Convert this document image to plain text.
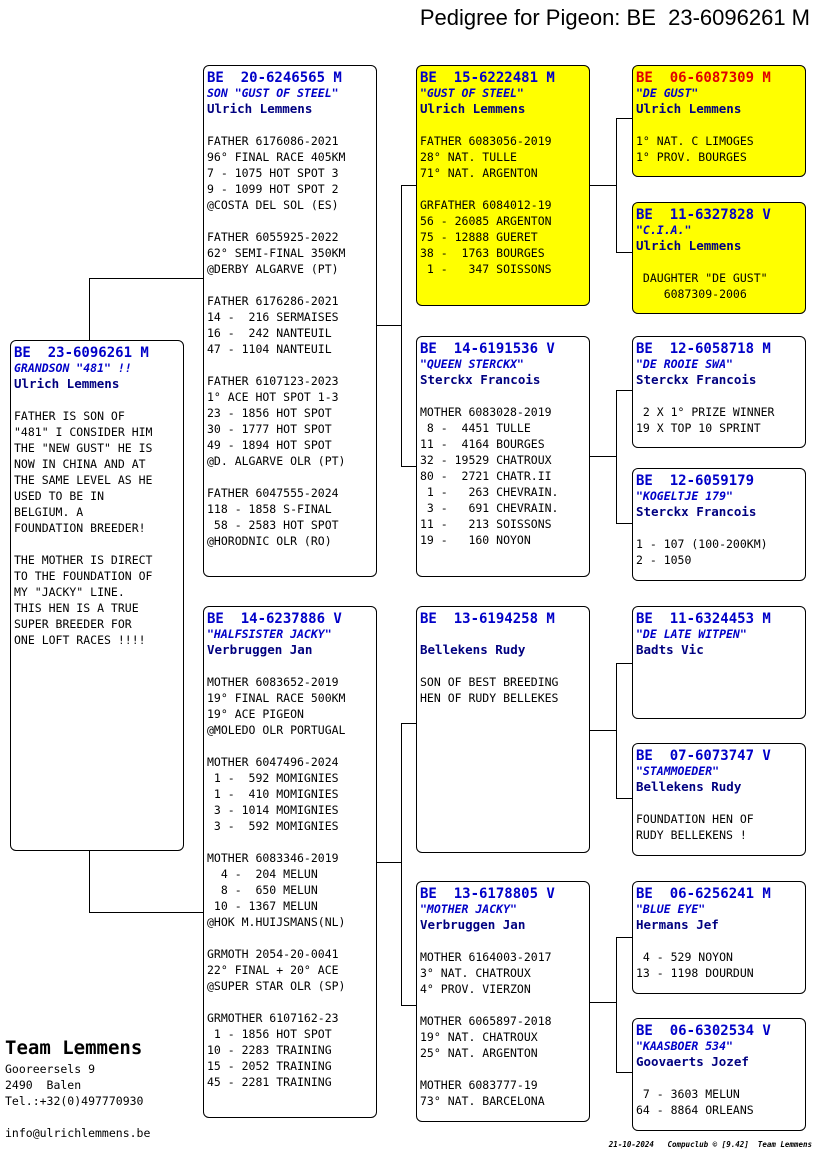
Pedigree for Pigeon: BE  23-6096261 M
BE  23-6096261 M
GRANDSON "481" !!
Ulrich Lemmens
FATHER IS SON OF
"481" I CONSIDER HIM
THE "NEW GUST" HE IS
NOW IN CHINA AND AT
THE SAME LEVEL AS HE
USED TO BE IN
BELGIUM. A
FOUNDATION BREEDER!

THE MOTHER IS DIRECT
TO THE FOUNDATION OF
MY "JACKY" LINE.
THIS HEN IS A TRUE
SUPER BREEDER FOR
ONE LOFT RACES !!!!
BE  20-6246565 M
SON "GUST OF STEEL"
Ulrich Lemmens
FATHER 6176086-2021
96° FINAL RACE 405KM
7 - 1075 HOT SPOT 3
9 - 1099 HOT SPOT 2
@COSTA DEL SOL (ES)

FATHER 6055925-2022
62° SEMI-FINAL 350KM
@DERBY ALGARVE (PT)

FATHER 6176286-2021
14 -  216 SERMAISES
16 -  242 NANTEUIL
47 - 1104 NANTEUIL

FATHER 6107123-2023
1° ACE HOT SPOT 1-3
23 - 1856 HOT SPOT
30 - 1777 HOT SPOT
49 - 1894 HOT SPOT
@D. ALGARVE OLR (PT)

FATHER 6047555-2024
118 - 1858 S-FINAL
58 - 2583 HOT SPOT
@HORODNIC OLR (RO)
BE  14-6237886 V
"HALFSISTER JACKY"
Verbruggen Jan
MOTHER 6083652-2019
19° FINAL RACE 500KM
19° ACE PIGEON
@MOLEDO OLR PORTUGAL

MOTHER 6047496-2024
1 -  592 MOMIGNIES
1 -  410 MOMIGNIES
3 - 1014 MOMIGNIES
3 -  592 MOMIGNIES

MOTHER 6083346-2019
4 -  204 MELUN
8 -  650 MELUN
10 - 1367 MELUN
@HOK M.HUIJSMANS(NL)

GRMOTH 2054-20-0041
22° FINAL + 20° ACE
@SUPER STAR OLR (SP)

GRMOTHER 6107162-23
1 - 1856 HOT SPOT
10 - 2283 TRAINING
15 - 2052 TRAINING
45 - 2281 TRAINING
BE  15-6222481 M
"GUST OF STEEL"
Ulrich Lemmens
FATHER 6083056-2019
28° NAT. TULLE
71° NAT. ARGENTON

GRFATHER 6084012-19
56 - 26085 ARGENTON
75 - 12888 GUERET
38 -  1763 BOURGES
1 -   347 SOISSONS
BE  14-6191536 V
"QUEEN STERCKX"
Sterckx Francois
MOTHER 6083028-2019
8 -  4451 TULLE
11 -  4164 BOURGES
32 - 19529 CHATROUX
80 -  2721 CHATR.II
1 -   263 CHEVRAIN.
3 -   691 CHEVRAIN.
11 -   213 SOISSONS
19 -   160 NOYON
BE  13-6194258 M
Bellekens Rudy
SON OF BEST BREEDING
HEN OF RUDY BELLEKES
BE  13-6178805 V
"MOTHER JACKY"
Verbruggen Jan
MOTHER 6164003-2017
3° NAT. CHATROUX
4° PROV. VIERZON

MOTHER 6065897-2018
19° NAT. CHATROUX
25° NAT. ARGENTON

MOTHER 6083777-19
73° NAT. BARCELONA
BE  06-6087309 M
"DE GUST"
Ulrich Lemmens
1° NAT. C LIMOGES
1° PROV. BOURGES
BE  11-6327828 V
"C.I.A."
Ulrich Lemmens
DAUGHTER "DE GUST"
6087309-2006
BE  12-6058718 M
"DE ROOIE SWA"
Sterckx Francois
2 X 1° PRIZE WINNER
19 X TOP 10 SPRINT
BE  12-6059179
"KOGELTJE 179"
Sterckx Francois
1 - 107 (100-200KM)
2 - 1050
BE  11-6324453 M
"DE LATE WITPEN"
Badts Vic
BE  07-6073747 V
"STAMMOEDER"
Bellekens Rudy
FOUNDATION HEN OF
RUDY BELLEKENS !
BE  06-6256241 M
"BLUE EYE"
Hermans Jef
4 - 529 NOYON
13 - 1198 DOURDUN
BE  06-6302534 V
"KAASBOER 534"
Goovaerts Jozef
7 - 3603 MELUN
64 - 8864 ORLEANS
Team Lemmens
Gooreersels 9
2490  Balen
Tel.:+32(0)497770930
info@ulrichlemmens.be
21-10-2024   Compuclub © [9.42]  Team Lemmens
